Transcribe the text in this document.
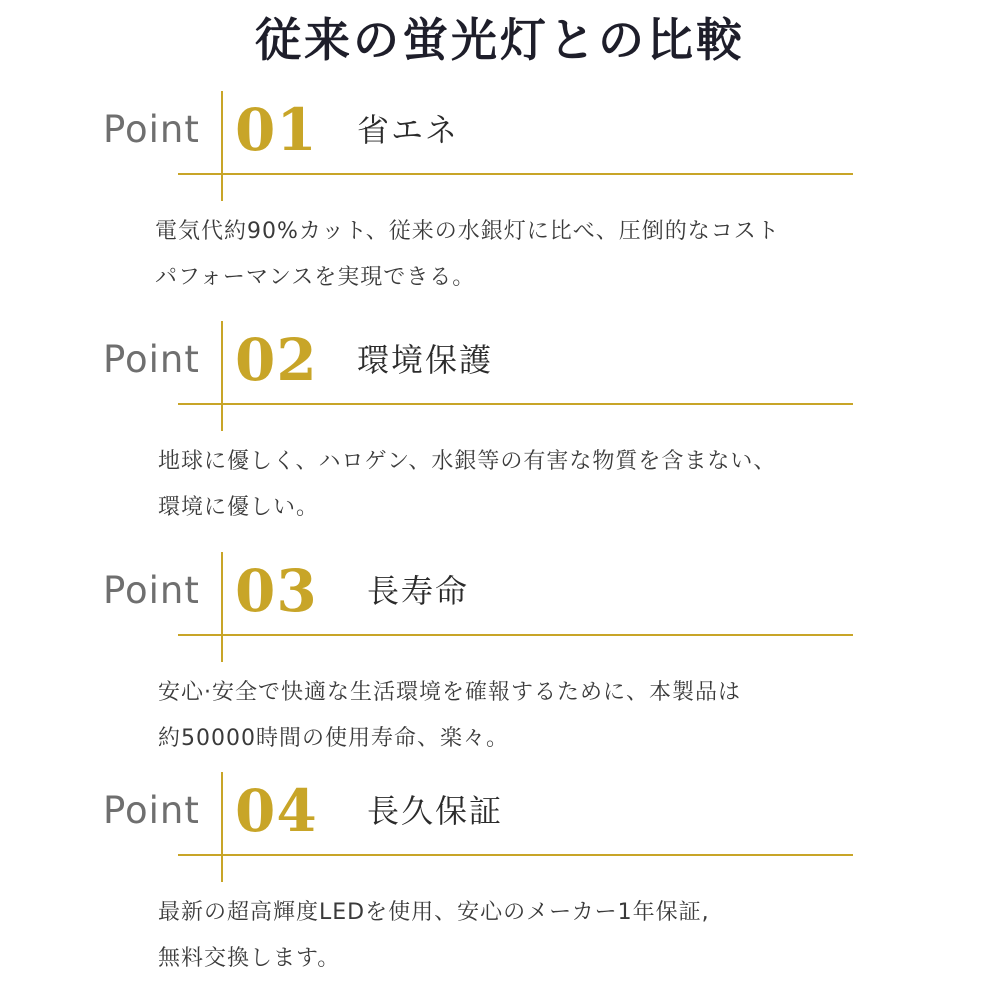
従来の蛍光灯との比較
Point 01 省エネ
電気代約90%カット、従来の水銀灯に比べ、圧倒的なコスト
パフォーマンスを実現できる。
Point 02 環境保護
地球に優しく、ハロゲン、水銀等の有害な物質を含まない、
環境に優しい。
Point 03 長寿命
安心·安全で快適な生活環境を確報するために、本製品は
約50000時間の使用寿命、楽々。
Point 04 長久保証
最新の超高輝度LEDを使用、安心のメーカー1年保証,
無料交換します。
